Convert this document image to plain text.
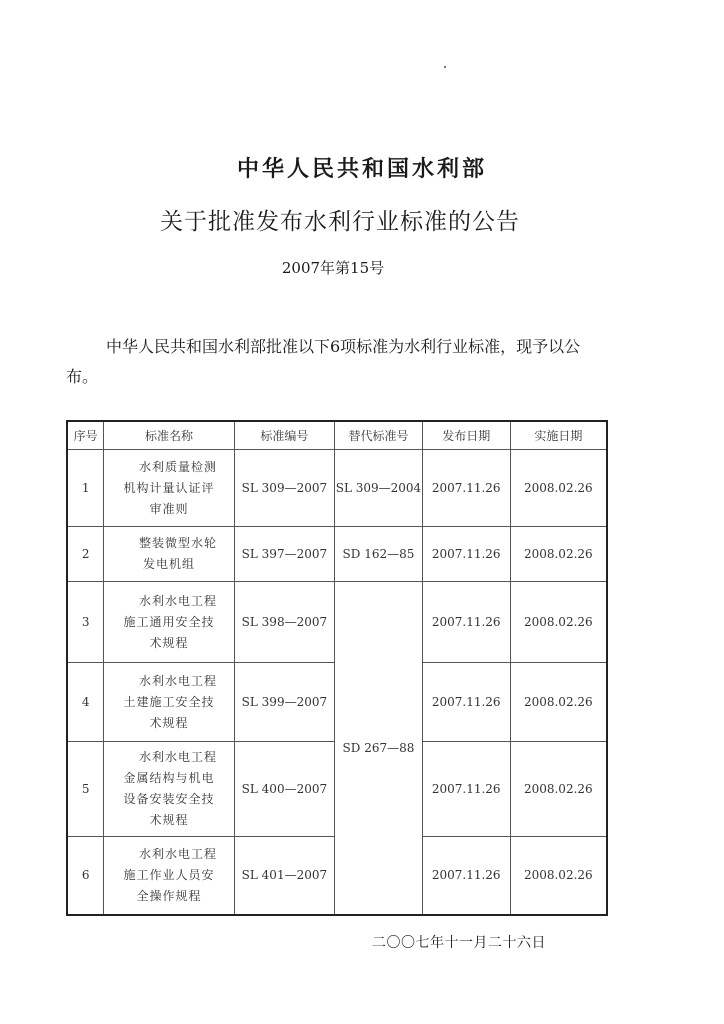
中华人民共和国水利部
关于批准发布水利行业标准的公告
2007年第15号
中华人民共和国水利部批准以下6项标准为水利行业标准，现予以公布。
序号	标准名称	标准编号	替代标准号	发布日期	实施日期
1	水利质量检测
机构计量认证评
审准则	SL 309—2007	SL 309—2004	2007.11.26	2008.02.26
2	整装微型水轮
发电机组	SL 397—2007	SD 162—85	2007.11.26	2008.02.26
3	水利水电工程
施工通用安全技
术规程	SL 398—2007	SD 267—88	2007.11.26	2008.02.26
4	水利水电工程
土建施工安全技
术规程	SL 399—2007		2007.11.26	2008.02.26
5	水利水电工程
金属结构与机电
设备安装安全技
术规程	SL 400—2007		2007.11.26	2008.02.26
6	水利水电工程
施工作业人员安
全操作规程	SL 401—2007		2007.11.26	2008.02.26
二〇〇七年十一月二十六日
